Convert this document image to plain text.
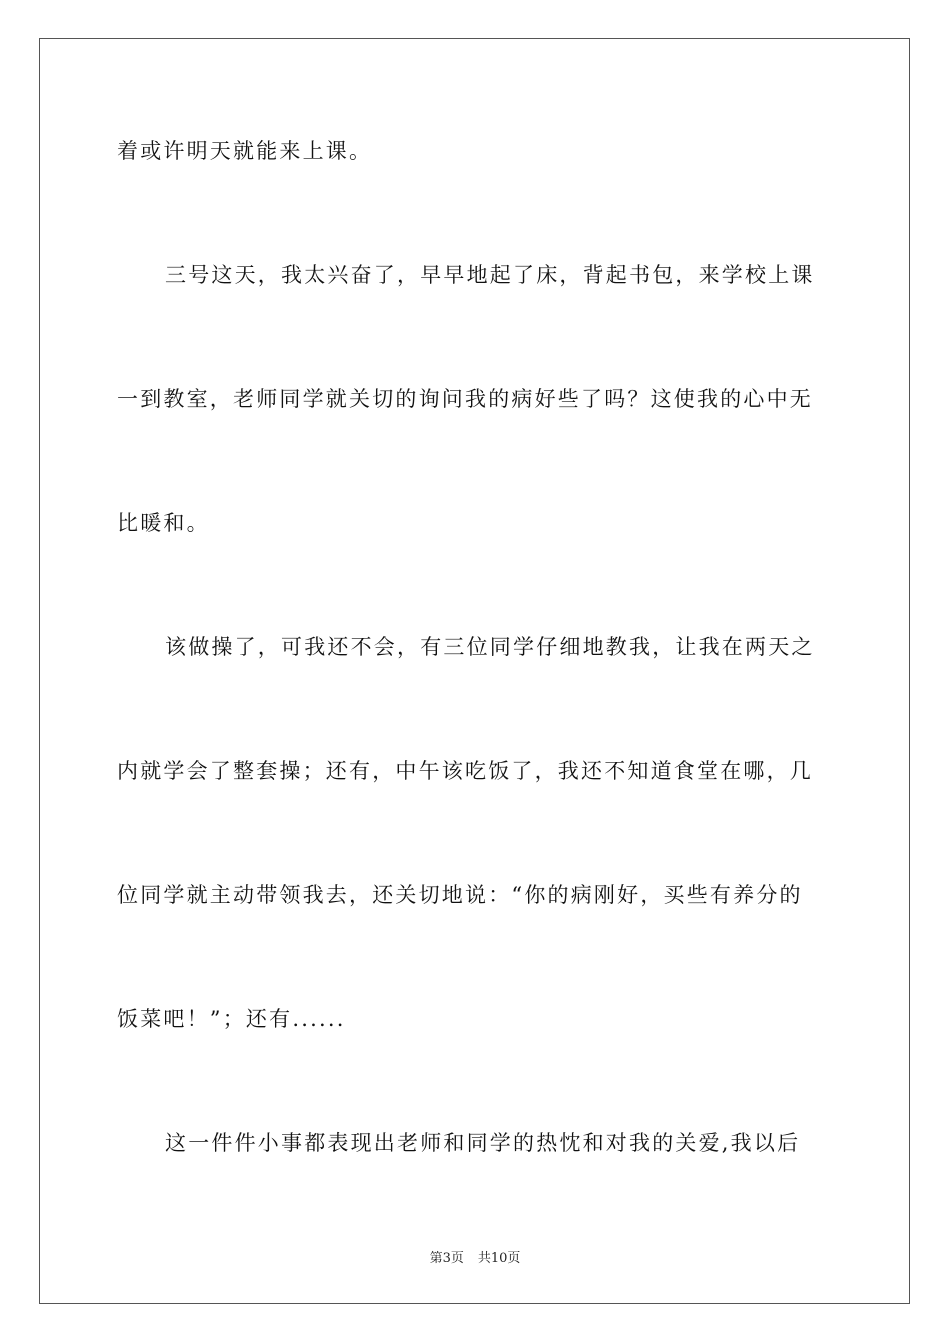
着或许明天就能来上课。
三号这天，我太兴奋了，早早地起了床，背起书包，来学校上课
一到教室，老师同学就关切的询问我的病好些了吗？这使我的心中无
比暖和。
该做操了，可我还不会，有三位同学仔细地教我，让我在两天之
内就学会了整套操；还有，中午该吃饭了，我还不知道食堂在哪，几
位同学就主动带领我去，还关切地说：“你的病刚好，买些有养分的
饭菜吧！”；还有......
这一件件小事都表现出老师和同学的热忱和对我的关爱,我以后
第3页 共10页
